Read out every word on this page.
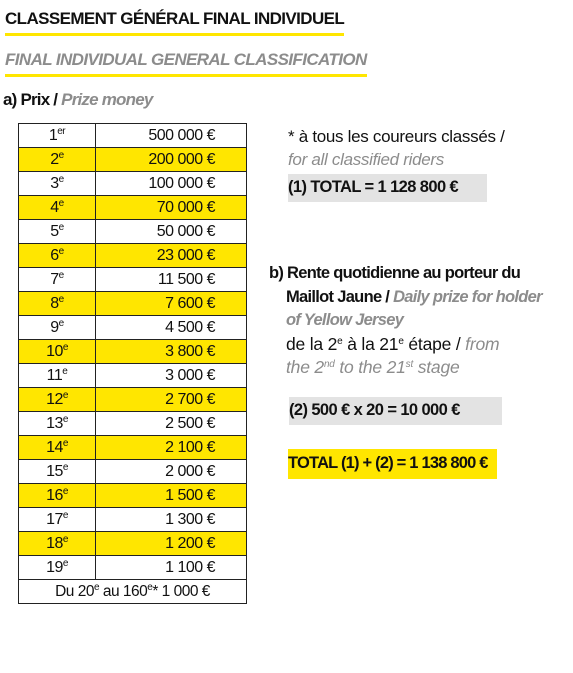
CLASSEMENT GÉNÉRAL FINAL INDIVIDUEL
FINAL INDIVIDUAL GENERAL CLASSIFICATION
a) Prix / Prize money
1er	500 000 €
2e	200 000 €
3e	100 000 €
4e	70 000 €
5e	50 000 €
6e	23 000 €
7e	11 500 €
8e	7 600 €
9e	4 500 €
10e	3 800 €
11e	3 000 €
12e	2 700 €
13e	2 500 €
14e	2 100 €
15e	2 000 €
16e	1 500 €
17e	1 300 €
18e	1 200 €
19e	1 100 €
Du 20e au 160e* 1 000 €	
* à tous les coureurs classés /
for all classified riders
(1) TOTAL = 1 128 800 €
b) Rente quotidienne au porteur du
Maillot Jaune / Daily prize for holder
of Yellow Jersey
de la 2e à la 21e étape / from
the 2nd to the 21st stage
(2) 500 € x 20 = 10 000 €
TOTAL (1) + (2) = 1 138 800 €
